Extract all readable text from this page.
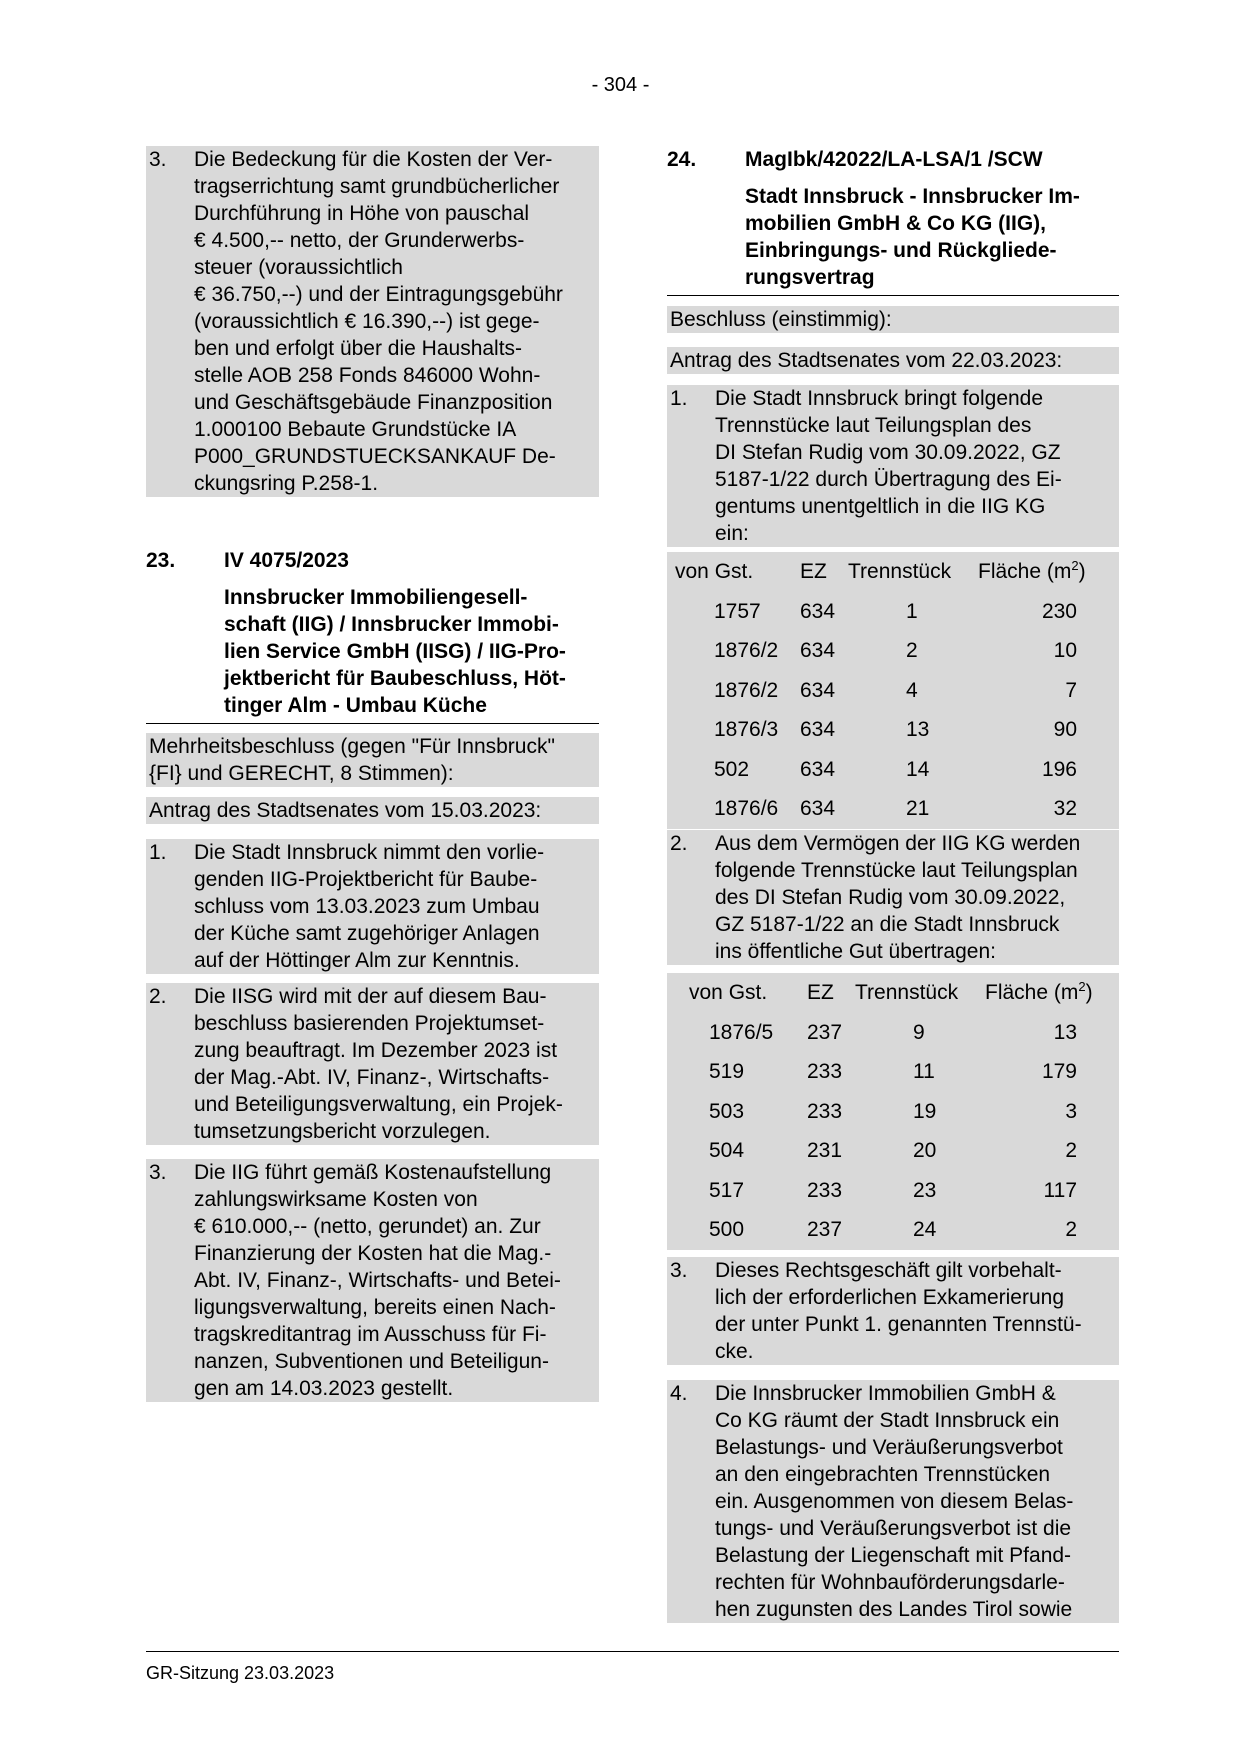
- 304 -
3. Die Bedeckung für die Kosten der Ver-
tragserrichtung samt grundbücherlicher
Durchführung in Höhe von pauschal
€ 4.500,-- netto, der Grunderwerbs-
steuer (voraussichtlich
€ 36.750,--) und der Eintragungsgebühr
(voraussichtlich € 16.390,--) ist gege-
ben und erfolgt über die Haushalts-
stelle AOB 258 Fonds 846000 Wohn-
und Geschäftsgebäude Finanzposition
1.000100 Bebaute Grundstücke IA
P000_GRUNDSTUECKSANKAUF De-
ckungsring P.258-1.
23. IV 4075/2023
Innsbrucker Immobiliengesell-
schaft (IIG) / Innsbrucker Immobi-
lien Service GmbH (IISG) / IIG-Pro-
jektbericht für Baubeschluss, Höt-
tinger Alm - Umbau Küche
Mehrheitsbeschluss (gegen "Für Innsbruck"
{FI} und GERECHT, 8 Stimmen):
Antrag des Stadtsenates vom 15.03.2023:
1. Die Stadt Innsbruck nimmt den vorlie-
genden IIG-Projektbericht für Baube-
schluss vom 13.03.2023 zum Umbau
der Küche samt zugehöriger Anlagen
auf der Höttinger Alm zur Kenntnis.
2. Die IISG wird mit der auf diesem Bau-
beschluss basierenden Projektumset-
zung beauftragt. Im Dezember 2023 ist
der Mag.-Abt. IV, Finanz-, Wirtschafts-
und Beteiligungsverwaltung, ein Projek-
tumsetzungsbericht vorzulegen.
3. Die IIG führt gemäß Kostenaufstellung
zahlungswirksame Kosten von
€ 610.000,-- (netto, gerundet) an. Zur
Finanzierung der Kosten hat die Mag.-
Abt. IV, Finanz-, Wirtschafts- und Betei-
ligungsverwaltung, bereits einen Nach-
tragskreditantrag im Ausschuss für Fi-
nanzen, Subventionen und Beteiligun-
gen am 14.03.2023 gestellt.
24. MagIbk/42022/LA-LSA/1 /SCW
Stadt Innsbruck - Innsbrucker Im-
mobilien GmbH & Co KG (IIG),
Einbringungs- und Rückgliede-
rungsvertrag
Beschluss (einstimmig):
Antrag des Stadtsenates vom 22.03.2023:
1. Die Stadt Innsbruck bringt folgende
Trennstücke laut Teilungsplan des
DI Stefan Rudig vom 30.09.2022, GZ
5187-1/22 durch Übertragung des Ei-
gentums unentgeltlich in die IIG KG
ein:
von Gst.	EZ	Trennstück	Fläche $(m^2)$
1757	634	1	230
1876/2	634	2	10
1876/2	634	4	7
1876/3	634	13	90
502	634	14	196
1876/6	634	21	32
2. Aus dem Vermögen der IIG KG werden
folgende Trennstücke laut Teilungsplan
des DI Stefan Rudig vom 30.09.2022,
GZ 5187-1/22 an die Stadt Innsbruck
ins öffentliche Gut übertragen:
von Gst.	EZ	Trennstück	Fläche $(m^2)$
1876/5	237	9	13
519	233	11	179
503	233	19	3
504	231	20	2
517	233	23	117
500	237	24	2
3. Dieses Rechtsgeschäft gilt vorbehalt-
lich der erforderlichen Exkamerierung
der unter Punkt 1. genannten Trennstü-
cke.
4. Die Innsbrucker Immobilien GmbH &
Co KG räumt der Stadt Innsbruck ein
Belastungs- und Veräußerungsverbot
an den eingebrachten Trennstücken
ein. Ausgenommen von diesem Belas-
tungs- und Veräußerungsverbot ist die
Belastung der Liegenschaft mit Pfand-
rechten für Wohnbauförderungsdarle-
hen zugunsten des Landes Tirol sowie
GR-Sitzung 23.03.2023
